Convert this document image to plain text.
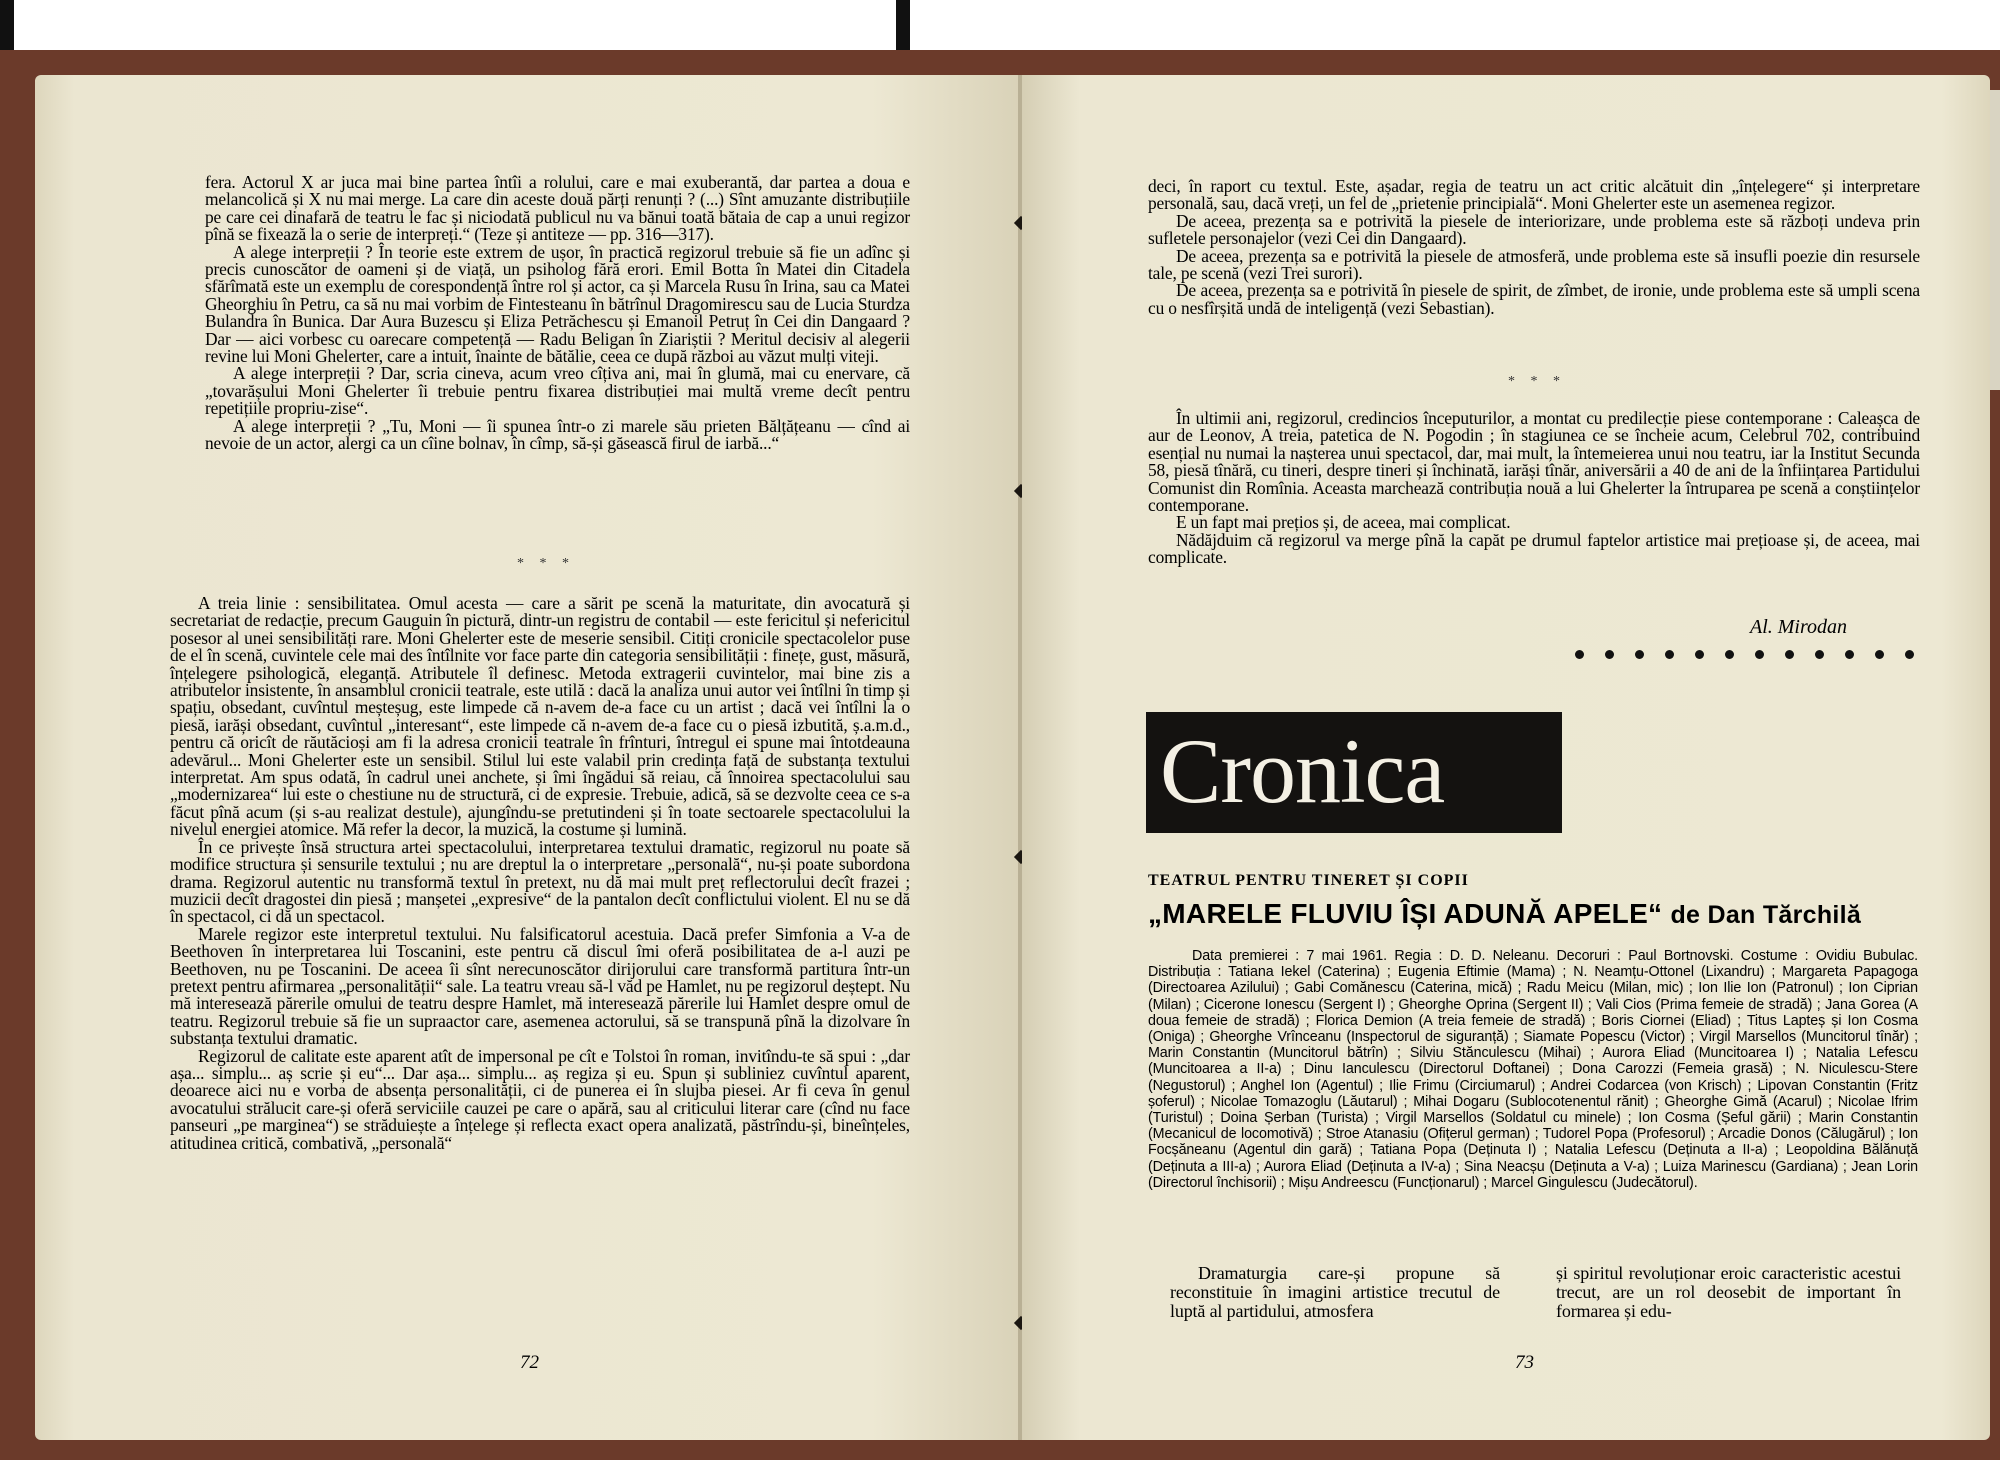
fera. Actorul X ar juca mai bine partea întîi a rolului, care e mai exuberantă, dar partea a doua e melancolică și X nu mai merge. La care din aceste două părți renunți ? (...) Sînt amuzante distribuțiile pe care cei dinafară de teatru le fac și niciodată publicul nu va bănui toată bătaia de cap a unui regizor pînă se fixează la o serie de interpreți.“ (Teze și antiteze — pp. 316—317).

A alege interpreții ? În teorie este extrem de ușor, în practică regizorul trebuie să fie un adînc și precis cunoscător de oameni și de viață, un psiholog fără erori. Emil Botta în Matei din Citadela sfărîmată este un exemplu de corespondență între rol și actor, ca și Marcela Rusu în Irina, sau ca Matei Gheorghiu în Petru, ca să nu mai vorbim de Fintesteanu în bătrînul Dragomirescu sau de Lucia Sturdza Bulandra în Bunica. Dar Aura Buzescu și Eliza Petrăchescu și Emanoil Petruț în Cei din Dangaard ? Dar — aici vorbesc cu oarecare competență — Radu Beligan în Ziariștii ? Meritul decisiv al alegerii revine lui Moni Ghelerter, care a intuit, înainte de bătălie, ceea ce după război au văzut mulți viteji.

A alege interpreții ? Dar, scria cineva, acum vreo cîțiva ani, mai în glumă, mai cu enervare, că „tovarășului Moni Ghelerter îi trebuie pentru fixarea distribuției mai multă vreme decît pentru repetițiile propriu-zise“.

A alege interpreții ? „Tu, Moni — îi spunea într-o zi marele său prieten Bălțățeanu — cînd ai nevoie de un actor, alergi ca un cîine bolnav, în cîmp, să-și găsească firul de iarbă...“

* * *

A treia linie : sensibilitatea. Omul acesta — care a sărit pe scenă la maturitate, din avocatură și secretariat de redacție, precum Gauguin în pictură, dintr-un registru de contabil — este fericitul și nefericitul posesor al unei sensibilități rare. Moni Ghelerter este de meserie sensibil. Citiți cronicile spectacolelor puse de el în scenă, cuvintele cele mai des întîlnite vor face parte din categoria sensibilității : finețe, gust, măsură, înțelegere psihologică, eleganță. Atributele îl definesc. Metoda extragerii cuvintelor, mai bine zis a atributelor insistente, în ansamblul cronicii teatrale, este utilă : dacă la analiza unui autor vei întîlni în timp și spațiu, obsedant, cuvîntul meșteșug, este limpede că n-avem de-a face cu un artist ; dacă vei întîlni la o piesă, iarăși obsedant, cuvîntul „interesant“, este limpede că n-avem de-a face cu o piesă izbutită, ș.a.m.d., pentru că oricît de răutăcioși am fi la adresa cronicii teatrale în frînturi, întregul ei spune mai întotdeauna adevărul... Moni Ghelerter este un sensibil. Stilul lui este valabil prin credința față de substanța textului interpretat. Am spus odată, în cadrul unei anchete, și îmi îngădui să reiau, că înnoirea spectacolului sau „modernizarea“ lui este o chestiune nu de structură, ci de expresie. Trebuie, adică, să se dezvolte ceea ce s-a făcut pînă acum (și s-au realizat destule), ajungîndu-se pretutindeni și în toate sectoarele spectacolului la nivelul energiei atomice. Mă refer la decor, la muzică, la costume și lumină.

În ce privește însă structura artei spectacolului, interpretarea textului dramatic, regizorul nu poate să modifice structura și sensurile textului ; nu are dreptul la o interpretare „personală“, nu-și poate subordona drama. Regizorul autentic nu transformă textul în pretext, nu dă mai mult preț reflectorului decît frazei ; muzicii decît dragostei din piesă ; manșetei „expresive“ de la pantalon decît conflictului violent. El nu se dă în spectacol, ci dă un spectacol.

Marele regizor este interpretul textului. Nu falsificatorul acestuia. Dacă prefer Simfonia a V-a de Beethoven în interpretarea lui Toscanini, este pentru că discul îmi oferă posibilitatea de a-l auzi pe Beethoven, nu pe Toscanini. De aceea îi sînt nerecunoscător dirijorului care transformă partitura într-un pretext pentru afirmarea „personalității“ sale. La teatru vreau să-l văd pe Hamlet, nu pe regizorul deștept. Nu mă interesează părerile omului de teatru despre Hamlet, mă interesează părerile lui Hamlet despre omul de teatru. Regizorul trebuie să fie un supraactor care, asemenea actorului, să se transpună pînă la dizolvare în substanța textului dramatic.

Regizorul de calitate este aparent atît de impersonal pe cît e Tolstoi în roman, invitîndu-te să spui : „dar așa... simplu... aș scrie și eu“... Dar așa... simplu... aș regiza și eu. Spun și subliniez cuvîntul aparent, deoarece aici nu e vorba de absența personalității, ci de punerea ei în slujba piesei. Ar fi ceva în genul avocatului strălucit care-și oferă serviciile cauzei pe care o apără, sau al criticului literar care (cînd nu face panseuri „pe marginea“) se străduiește a înțelege și reflecta exact opera analizată, păstrîndu-și, bineînțeles, atitudinea critică, combativă, „personală“

72

deci, în raport cu textul. Este, așadar, regia de teatru un act critic alcătuit din „înțelegere“ și interpretare personală, sau, dacă vreți, un fel de „prietenie principială“. Moni Ghelerter este un asemenea regizor.

De aceea, prezența sa e potrivită la piesele de interiorizare, unde problema este să războți undeva prin sufletele personajelor (vezi Cei din Dangaard).

De aceea, prezența sa e potrivită la piesele de atmosferă, unde problema este să insufli poezie din resursele tale, pe scenă (vezi Trei surori).

De aceea, prezența sa e potrivită în piesele de spirit, de zîmbet, de ironie, unde problema este să umpli scena cu o nesfîrșită undă de inteligență (vezi Sebastian).

* * *

În ultimii ani, regizorul, credincios începuturilor, a montat cu predilecție piese contemporane : Caleașca de aur de Leonov, A treia, patetica de N. Pogodin ; în stagiunea ce se încheie acum, Celebrul 702, contribuind esențial nu numai la nașterea unui spectacol, dar, mai mult, la întemeierea unui nou teatru, iar la Institut Secunda 58, piesă tînără, cu tineri, despre tineri și închinată, iarăși tînăr, aniversării a 40 de ani de la înființarea Partidului Comunist din Romînia. Aceasta marchează contribuția nouă a lui Ghelerter la întruparea pe scenă a conștiințelor contemporane.

E un fapt mai prețios și, de aceea, mai complicat.

Nădăjduim că regizorul va merge pînă la capăt pe drumul faptelor artistice mai prețioase și, de aceea, mai complicate.

Al. Mirodan
Cronica
TEATRUL PENTRU TINERET ȘI COPII
„MARELE FLUVIU ÎȘI ADUNĂ APELE“ de Dan Tărchilă
Data premierei : 7 mai 1961. Regia : D. D. Neleanu. Decoruri : Paul Bortnovski. Costume : Ovidiu Bubulac. Distribuția : Tatiana Iekel (Caterina) ; Eugenia Eftimie (Mama) ; N. Neamțu-Ottonel (Lixandru) ; Margareta Papagoga (Directoarea Azilului) ; Gabi Comănescu (Caterina, mică) ; Radu Meicu (Milan, mic) ; Ion Ilie Ion (Patronul) ; Ion Ciprian (Milan) ; Cicerone Ionescu (Sergent I) ; Gheorghe Oprina (Sergent II) ; Vali Cios (Prima femeie de stradă) ; Jana Gorea (A doua femeie de stradă) ; Florica Demion (A treia femeie de stradă) ; Boris Ciornei (Eliad) ; Titus Lapteș și Ion Cosma (Oniga) ; Gheorghe Vrînceanu (Inspectorul de siguranță) ; Siamate Popescu (Victor) ; Virgil Marsellos (Muncitorul tînăr) ; Marin Constantin (Muncitorul bătrîn) ; Silviu Stănculescu (Mihai) ; Aurora Eliad (Muncitoarea I) ; Natalia Lefescu (Muncitoarea a II-a) ; Dinu Ianculescu (Directorul Doftanei) ; Dona Carozzi (Femeia grasă) ; N. Niculescu-Stere (Negustorul) ; Anghel Ion (Agentul) ; Ilie Frimu (Circiumarul) ; Andrei Codarcea (von Krisch) ; Lipovan Constantin (Fritz șoferul) ; Nicolae Tomazoglu (Lăutarul) ; Mihai Dogaru (Sublocotenentul rănit) ; Gheorghe Gimă (Acarul) ; Nicolae Ifrim (Turistul) ; Doina Șerban (Turista) ; Virgil Marsellos (Soldatul cu minele) ; Ion Cosma (Șeful gării) ; Marin Constantin (Mecanicul de locomotivă) ; Stroe Atanasiu (Ofițerul german) ; Tudorel Popa (Profesorul) ; Arcadie Donos (Călugărul) ; Ion Focșăneanu (Agentul din gară) ; Tatiana Popa (Deținuta I) ; Natalia Lefescu (Deținuta a II-a) ; Leopoldina Bălănuță (Deținuta a III-a) ; Aurora Eliad (Deținuta a IV-a) ; Sina Neacșu (Deținuta a V-a) ; Luiza Marinescu (Gardiana) ; Jean Lorin (Directorul închisorii) ; Mișu Andreescu (Funcționarul) ; Marcel Gingulescu (Judecătorul).

Dramaturgia care-și propune să reconstituie în imagini artistice trecutul de luptă al partidului, atmosfera

și spiritul revoluționar eroic caracteristic acestui trecut, are un rol deosebit de important în formarea și edu-

73
